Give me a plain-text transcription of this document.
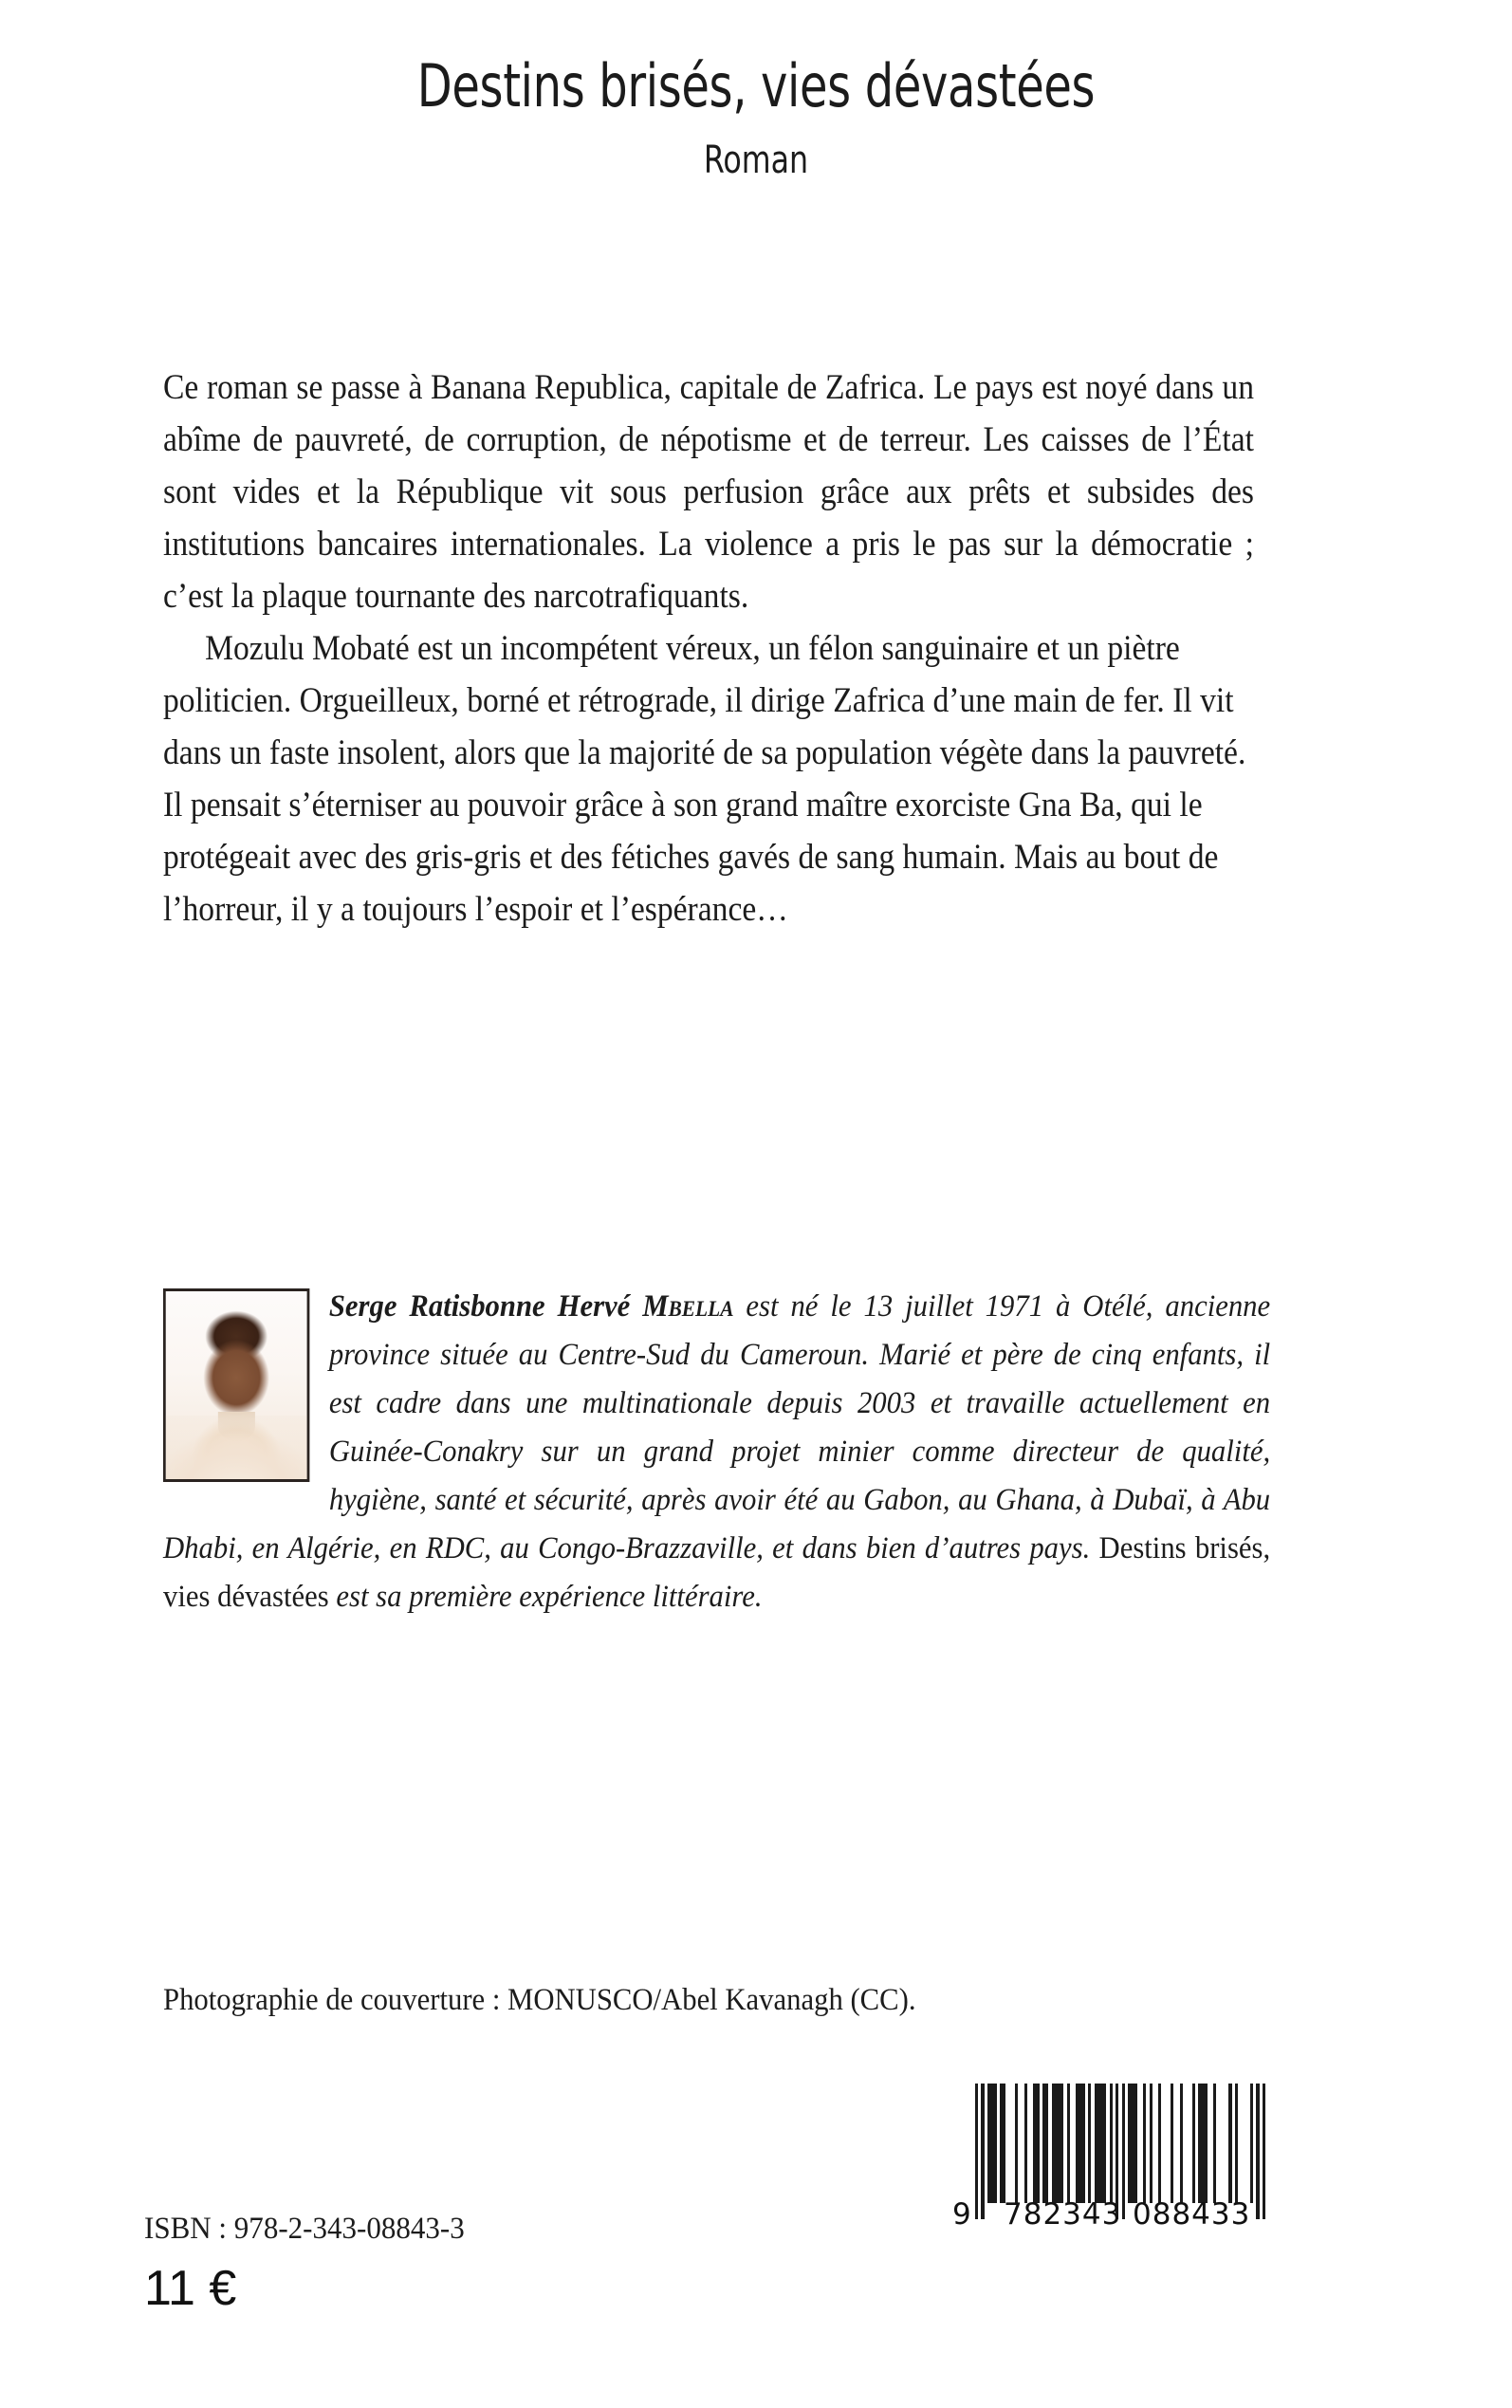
Destins brisés, vies dévastées
Roman

Ce roman se passe à Banana Republica, capitale de Zafrica. Le pays est noyé dans un abîme de pauvreté, de corruption, de népotisme et de terreur. Les caisses de l’État sont vides et la République vit sous perfusion grâce aux prêts et subsides des institutions bancaires internationales. La violence a pris le pas sur la démocratie ; c’est la plaque tournante des narcotrafiquants.

Mozulu Mobaté est un incompétent véreux, un félon sanguinaire et un piètre politicien. Orgueilleux, borné et rétrograde, il dirige Zafrica d’une main de fer. Il vit dans un faste insolent, alors que la majorité de sa population végète dans la pauvreté. Il pensait s’éterniser au pouvoir grâce à son grand maître exorciste Gna Ba, qui le protégeait avec des gris-gris et des fétiches gavés de sang humain. Mais au bout de l’horreur, il y a toujours l’espoir et l’espérance…

Serge Ratisbonne Hervé Mbella est né le 13 juillet 1971 à Otélé, ancienne province située au Centre-Sud du Cameroun. Marié et père de cinq enfants, il est cadre dans une multinationale depuis 2003 et travaille actuellement en Guinée-Conakry sur un grand projet minier comme directeur de qualité, hygiène, santé et sécurité, après avoir été au Gabon, au Ghana, à Dubaï, à Abu Dhabi, en Algérie, en RDC, au Congo-Brazzaville, et dans bien d’autres pays. Destins brisés, vies dévastées est sa première expérience littéraire.

Photographie de couverture : MONUSCO/Abel Kavanagh (CC).
9 782343 088433
ISBN : 978-2-343-08843-3
11 €
